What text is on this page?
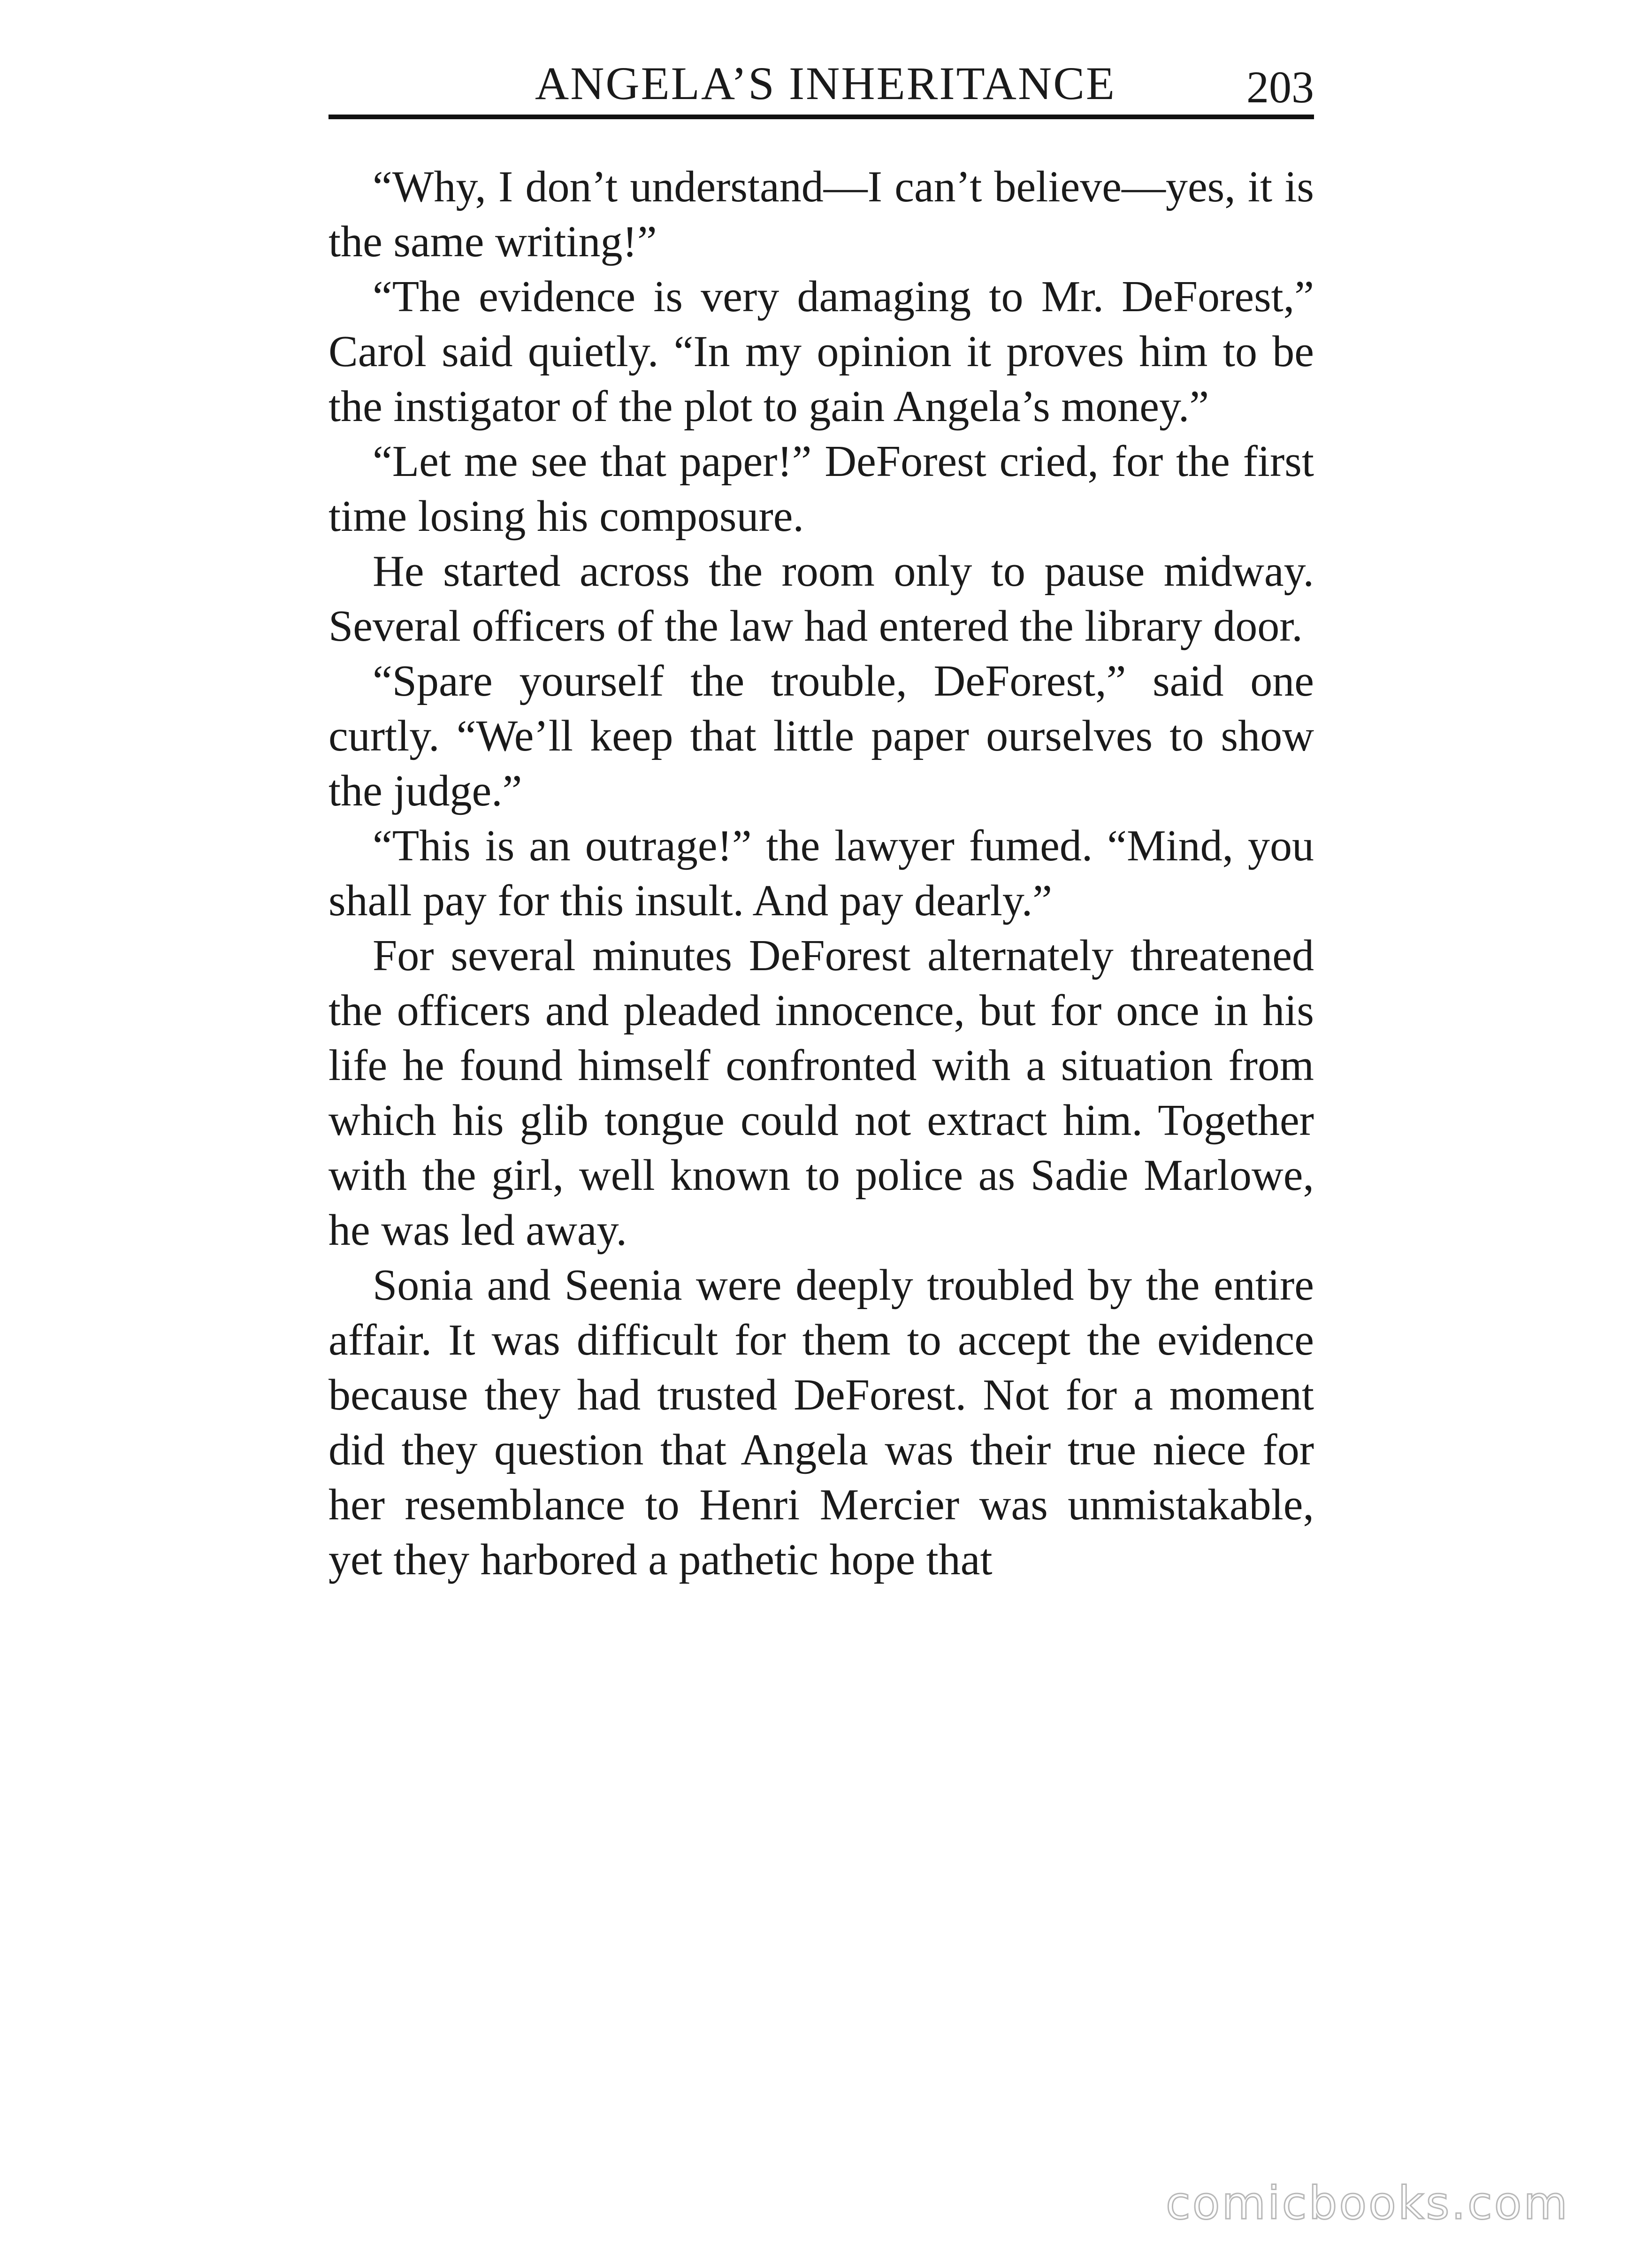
ANGELA’S INHERITANCE	203

“Why, I don’t understand—I can’t believe—yes, it is the same writing!”

“The evidence is very damaging to Mr. DeForest,” Carol said quietly. “In my opinion it proves him to be the instigator of the plot to gain Angela’s money.”

“Let me see that paper!” DeForest cried, for the first time losing his composure.

He started across the room only to pause midway. Several officers of the law had entered the library door.

“Spare yourself the trouble, DeForest,” said one curtly. “We’ll keep that little paper ourselves to show the judge.”

“This is an outrage!” the lawyer fumed. “Mind, you shall pay for this insult. And pay dearly.”

For several minutes DeForest alternately threatened the officers and pleaded innocence, but for once in his life he found himself confronted with a situation from which his glib tongue could not extract him. Together with the girl, well known to police as Sadie Marlowe, he was led away.

Sonia and Seenia were deeply troubled by the entire affair. It was difficult for them to accept the evidence because they had trusted DeForest. Not for a moment did they question that Angela was their true niece for her resemblance to Henri Mercier was unmistakable, yet they harbored a pathetic hope that

comicbooks.com
